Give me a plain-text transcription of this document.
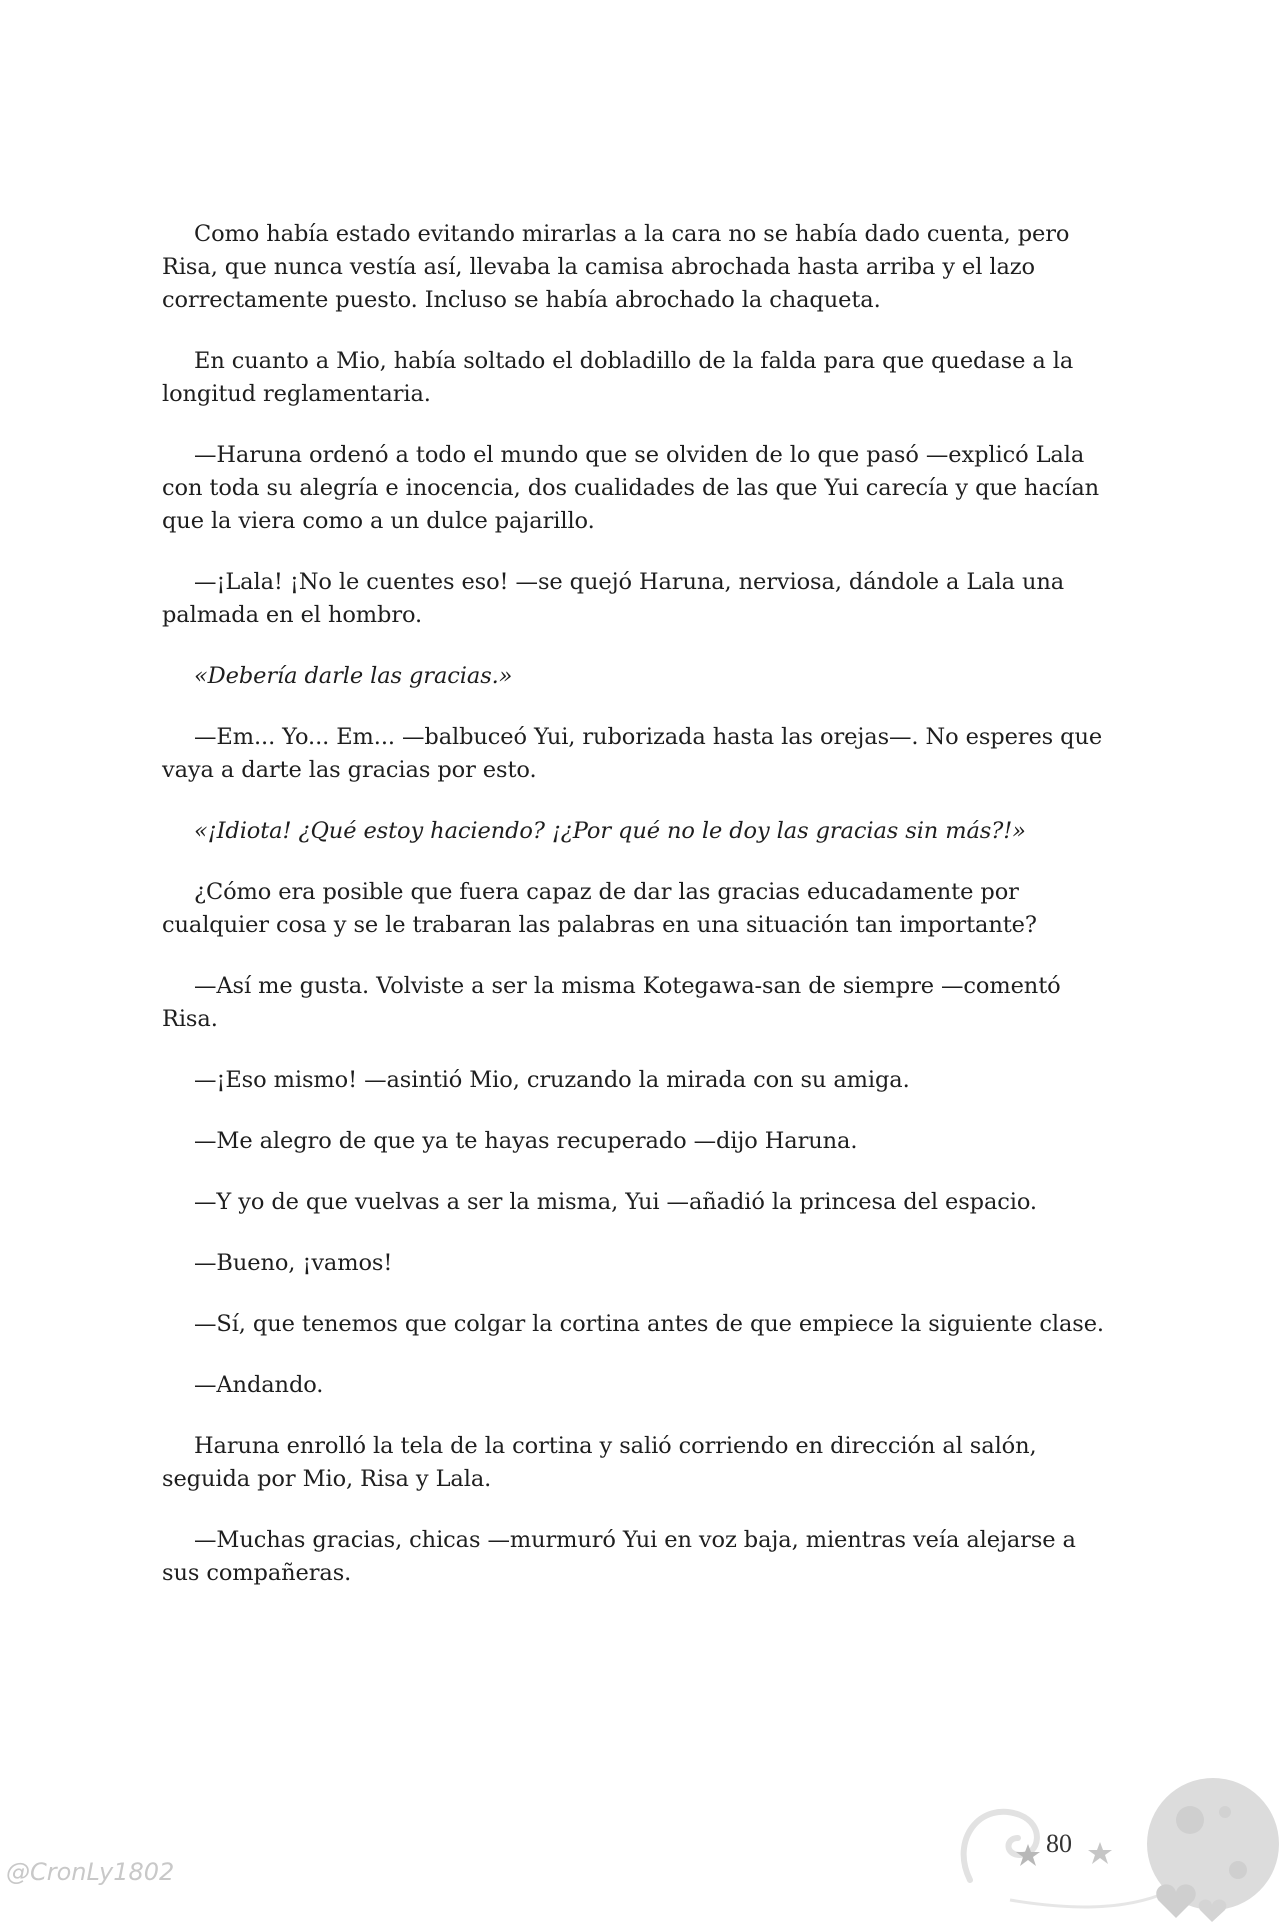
Como había estado evitando mirarlas a la cara no se había dado cuenta, pero Risa, que nunca vestía así, llevaba la camisa abrochada hasta arriba y el lazo correctamente puesto. Incluso se había abrochado la chaqueta.

En cuanto a Mio, había soltado el dobladillo de la falda para que quedase a la longitud reglamentaria.

—Haruna ordenó a todo el mundo que se olviden de lo que pasó —explicó Lala con toda su alegría e inocencia, dos cualidades de las que Yui carecía y que hacían que la viera como a un dulce pajarillo.

—¡Lala! ¡No le cuentes eso! —se quejó Haruna, nerviosa, dándole a Lala una palmada en el hombro.

«Debería darle las gracias.»

—Em... Yo... Em... —balbuceó Yui, ruborizada hasta las orejas—. No esperes que vaya a darte las gracias por esto.

«¡Idiota! ¿Qué estoy haciendo? ¡¿Por qué no le doy las gracias sin más?!»

¿Cómo era posible que fuera capaz de dar las gracias educadamente por cualquier cosa y se le trabaran las palabras en una situación tan importante?

—Así me gusta. Volviste a ser la misma Kotegawa-san de siempre —comentó Risa.

—¡Eso mismo! —asintió Mio, cruzando la mirada con su amiga.

—Me alegro de que ya te hayas recuperado —dijo Haruna.

—Y yo de que vuelvas a ser la misma, Yui —añadió la princesa del espacio.

—Bueno, ¡vamos!

—Sí, que tenemos que colgar la cortina antes de que empiece la siguiente clase.

—Andando.

Haruna enrolló la tela de la cortina y salió corriendo en dirección al salón, seguida por Mio, Risa y Lala.

—Muchas gracias, chicas —murmuró Yui en voz baja, mientras veía alejarse a sus compañeras.

80
@CronLy1802
